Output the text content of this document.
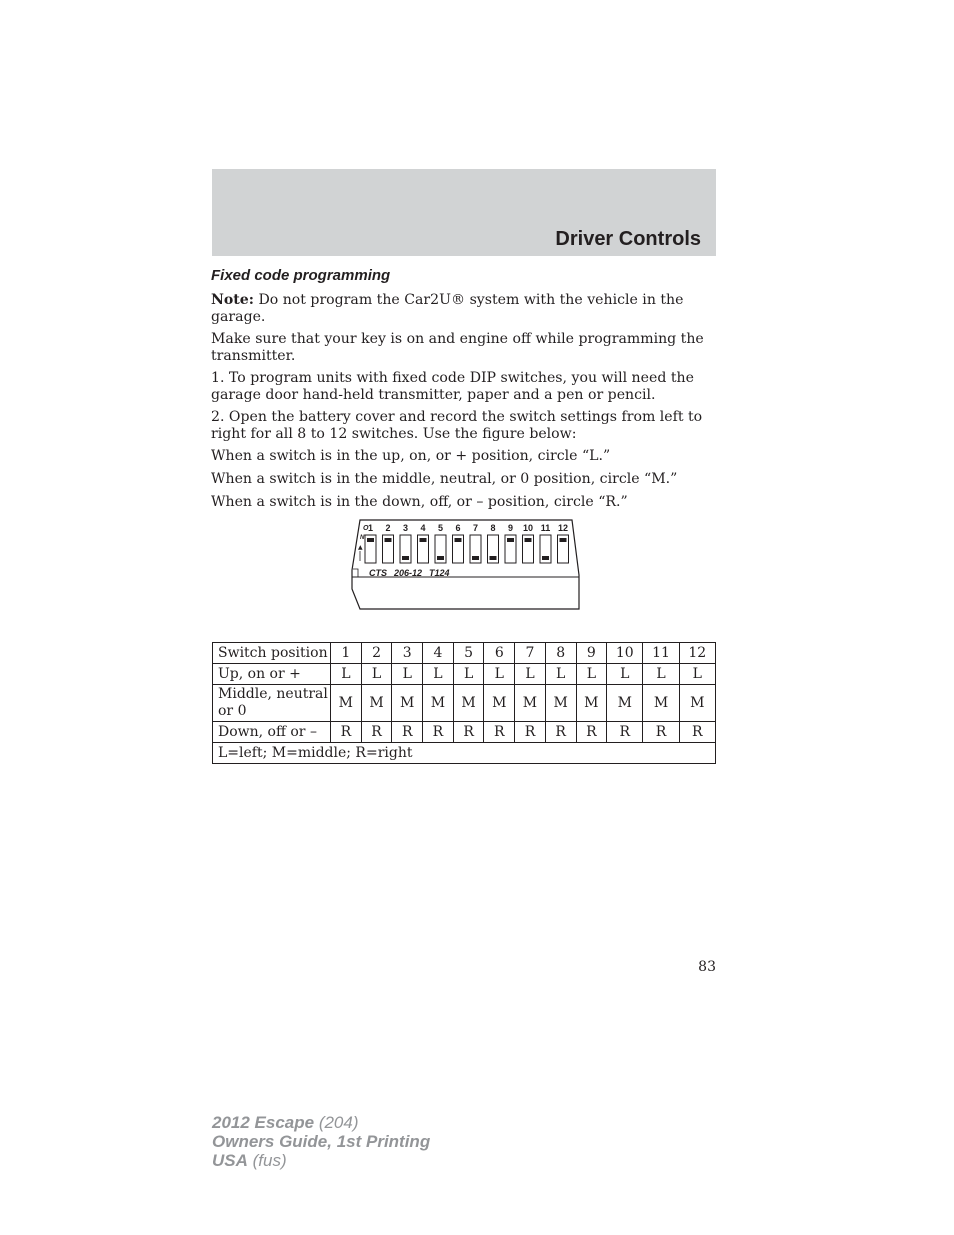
Driver Controls
Fixed code programming

Note: Do not program the Car2U® system with the vehicle in the garage.

Make sure that your key is on and engine off while programming the transmitter.

1. To program units with fixed code DIP switches, you will need the garage door hand-held transmitter, paper and a pen or pencil.

2. Open the battery cover and record the switch settings from left to right for all 8 to 12 switches. Use the figure below:

When a switch is in the up, on, or + position, circle “L.”

When a switch is in the middle, neutral, or 0 position, circle “M.”

When a switch is in the down, off, or – position, circle “R.”

O
N
▲
1 2 3 4 5 6 7 8 9 10 11 12
CTS 206-12 T124
Switch position	1	2	3	4	5	6	7	8	9	10	11	12
Up, on or +	L	L	L	L	L	L	L	L	L	L	L	L
Middle, neutral or 0	M	M	M	M	M	M	M	M	M	M	M	M
Down, off or –	R	R	R	R	R	R	R	R	R	R	R	R
L=left; M=middle; R=right												
83
2012 Escape (204)
Owners Guide, 1st Printing
USA (fus)
